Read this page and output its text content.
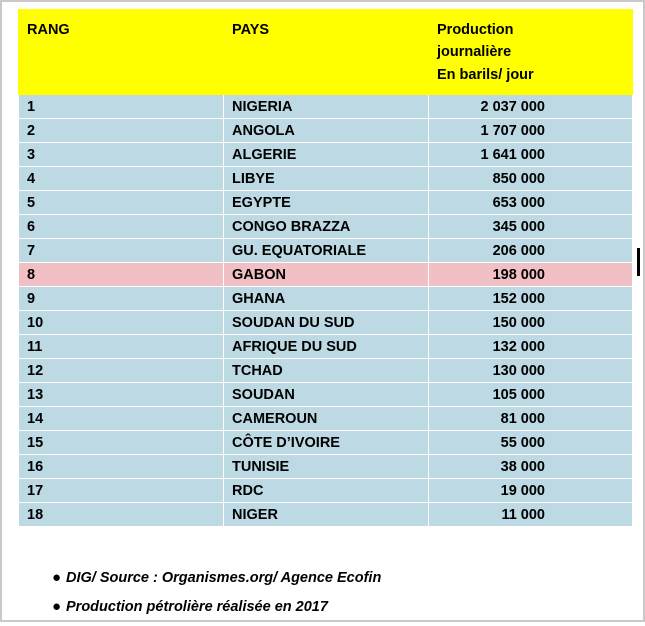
RANG	PAYS	Production
journalière
En barils/ jour

1	NIGERIA	2 037 000
2	ANGOLA	1 707 000
3	ALGERIE	1 641 000
4	LIBYE	850 000
5	EGYPTE	653 000
6	CONGO BRAZZA	345 000
7	GU. EQUATORIALE	206 000
8	GABON	198 000
9	GHANA	152 000
10	SOUDAN DU SUD	150 000
11	AFRIQUE DU SUD	132 000
12	TCHAD	130 000
13	SOUDAN	105 000
14	CAMEROUN	81 000
15	CÔTE D’IVOIRE	55 000
16	TUNISIE	38 000
17	RDC	19 000
18	NIGER	11 000
● DIG/ Source : Organismes.org/ Agence Ecofin
● Production pétrolière réalisée en 2017
